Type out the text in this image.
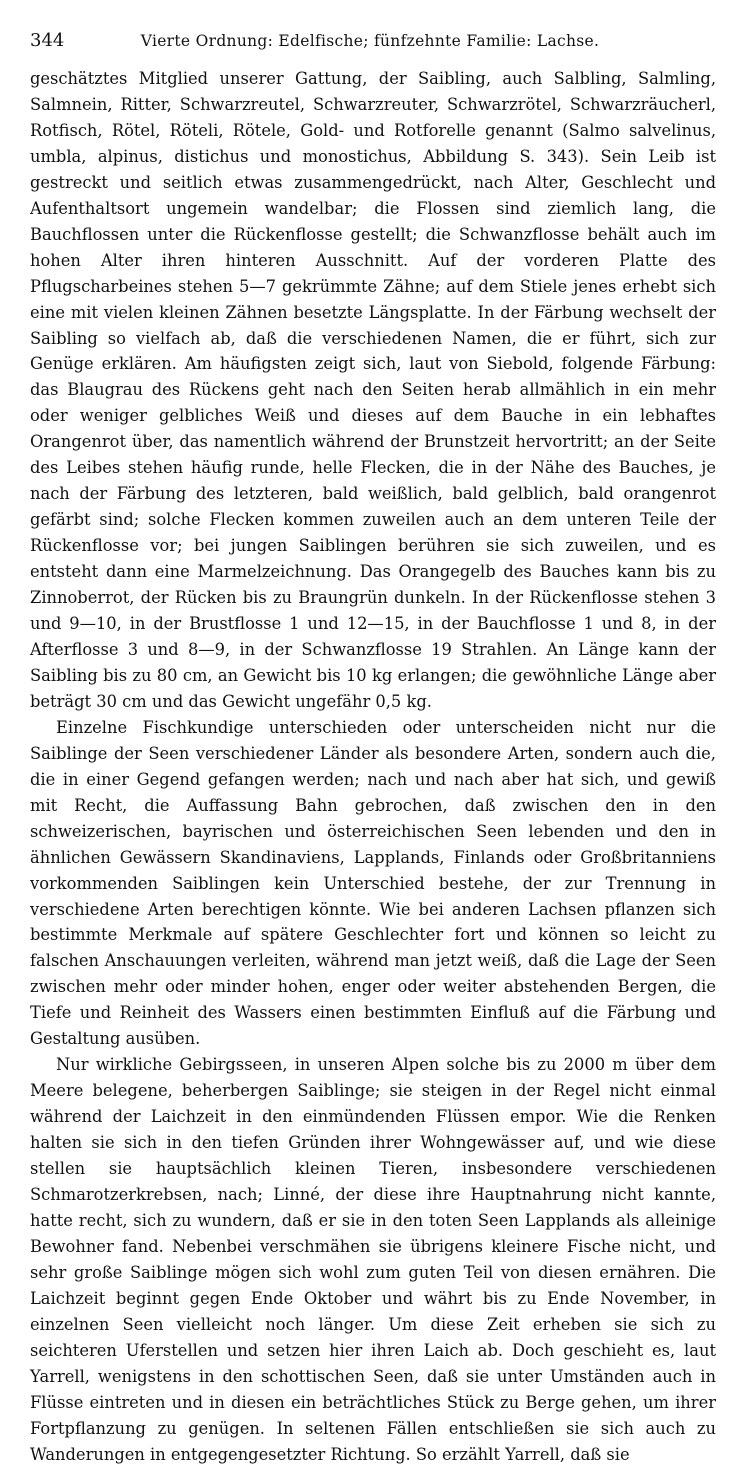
344	Vierte Ordnung: Edelfische; fünfzehnte Familie: Lachse.

geschätztes Mitglied unserer Gattung, der Saibling, auch Salbling, Salmling, Salmnein, Ritter, Schwarzreutel, Schwarzreuter, Schwarzrötel, Schwarzräucherl, Rotfisch, Rötel, Röteli, Rötele, Gold- und Rotforelle genannt (Salmo salvelinus, umbla, alpinus, distichus und monostichus, Abbildung S. 343). Sein Leib ist gestreckt und seitlich etwas zusammengedrückt, nach Alter, Geschlecht und Aufenthaltsort ungemein wandelbar; die Flossen sind ziemlich lang, die Bauchflossen unter die Rückenflosse gestellt; die Schwanzflosse behält auch im hohen Alter ihren hinteren Ausschnitt. Auf der vorderen Platte des Pflugscharbeines stehen 5—7 gekrümmte Zähne; auf dem Stiele jenes erhebt sich eine mit vielen kleinen Zähnen besetzte Längsplatte. In der Färbung wechselt der Saibling so vielfach ab, daß die verschiedenen Namen, die er führt, sich zur Genüge erklären. Am häufigsten zeigt sich, laut von Siebold, folgende Färbung: das Blaugrau des Rückens geht nach den Seiten herab allmählich in ein mehr oder weniger gelbliches Weiß und dieses auf dem Bauche in ein lebhaftes Orangenrot über, das namentlich während der Brunstzeit hervortritt; an der Seite des Leibes stehen häufig runde, helle Flecken, die in der Nähe des Bauches, je nach der Färbung des letzteren, bald weißlich, bald gelblich, bald orangenrot gefärbt sind; solche Flecken kommen zuweilen auch an dem unteren Teile der Rückenflosse vor; bei jungen Saiblingen berühren sie sich zuweilen, und es entsteht dann eine Marmelzeichnung. Das Orangegelb des Bauches kann bis zu Zinnoberrot, der Rücken bis zu Braungrün dunkeln. In der Rückenflosse stehen 3 und 9—10, in der Brustflosse 1 und 12—15, in der Bauchflosse 1 und 8, in der Afterflosse 3 und 8—9, in der Schwanzflosse 19 Strahlen. An Länge kann der Saibling bis zu 80 cm, an Gewicht bis 10 kg erlangen; die gewöhnliche Länge aber beträgt 30 cm und das Gewicht ungefähr 0,5 kg.

Einzelne Fischkundige unterschieden oder unterscheiden nicht nur die Saiblinge der Seen verschiedener Länder als besondere Arten, sondern auch die, die in einer Gegend gefangen werden; nach und nach aber hat sich, und gewiß mit Recht, die Auffassung Bahn gebrochen, daß zwischen den in den schweizerischen, bayrischen und österreichischen Seen lebenden und den in ähnlichen Gewässern Skandinaviens, Lapplands, Finlands oder Großbritanniens vorkommenden Saiblingen kein Unterschied bestehe, der zur Trennung in verschiedene Arten berechtigen könnte. Wie bei anderen Lachsen pflanzen sich bestimmte Merkmale auf spätere Geschlechter fort und können so leicht zu falschen Anschauungen verleiten, während man jetzt weiß, daß die Lage der Seen zwischen mehr oder minder hohen, enger oder weiter abstehenden Bergen, die Tiefe und Reinheit des Wassers einen bestimmten Einfluß auf die Färbung und Gestaltung ausüben.

Nur wirkliche Gebirgsseen, in unseren Alpen solche bis zu 2000 m über dem Meere belegene, beherbergen Saiblinge; sie steigen in der Regel nicht einmal während der Laichzeit in den einmündenden Flüssen empor. Wie die Renken halten sie sich in den tiefen Gründen ihrer Wohngewässer auf, und wie diese stellen sie hauptsächlich kleinen Tieren, insbesondere verschiedenen Schmarotzerkrebsen, nach; Linné, der diese ihre Hauptnahrung nicht kannte, hatte recht, sich zu wundern, daß er sie in den toten Seen Lapplands als alleinige Bewohner fand. Nebenbei verschmähen sie übrigens kleinere Fische nicht, und sehr große Saiblinge mögen sich wohl zum guten Teil von diesen ernähren. Die Laichzeit beginnt gegen Ende Oktober und währt bis zu Ende November, in einzelnen Seen vielleicht noch länger. Um diese Zeit erheben sie sich zu seichteren Uferstellen und setzen hier ihren Laich ab. Doch geschieht es, laut Yarrell, wenigstens in den schottischen Seen, daß sie unter Umständen auch in Flüsse eintreten und in diesen ein beträchtliches Stück zu Berge gehen, um ihrer Fortpflanzung zu genügen. In seltenen Fällen entschließen sie sich auch zu Wanderungen in entgegengesetzter Richtung. So erzählt Yarrell, daß sie
